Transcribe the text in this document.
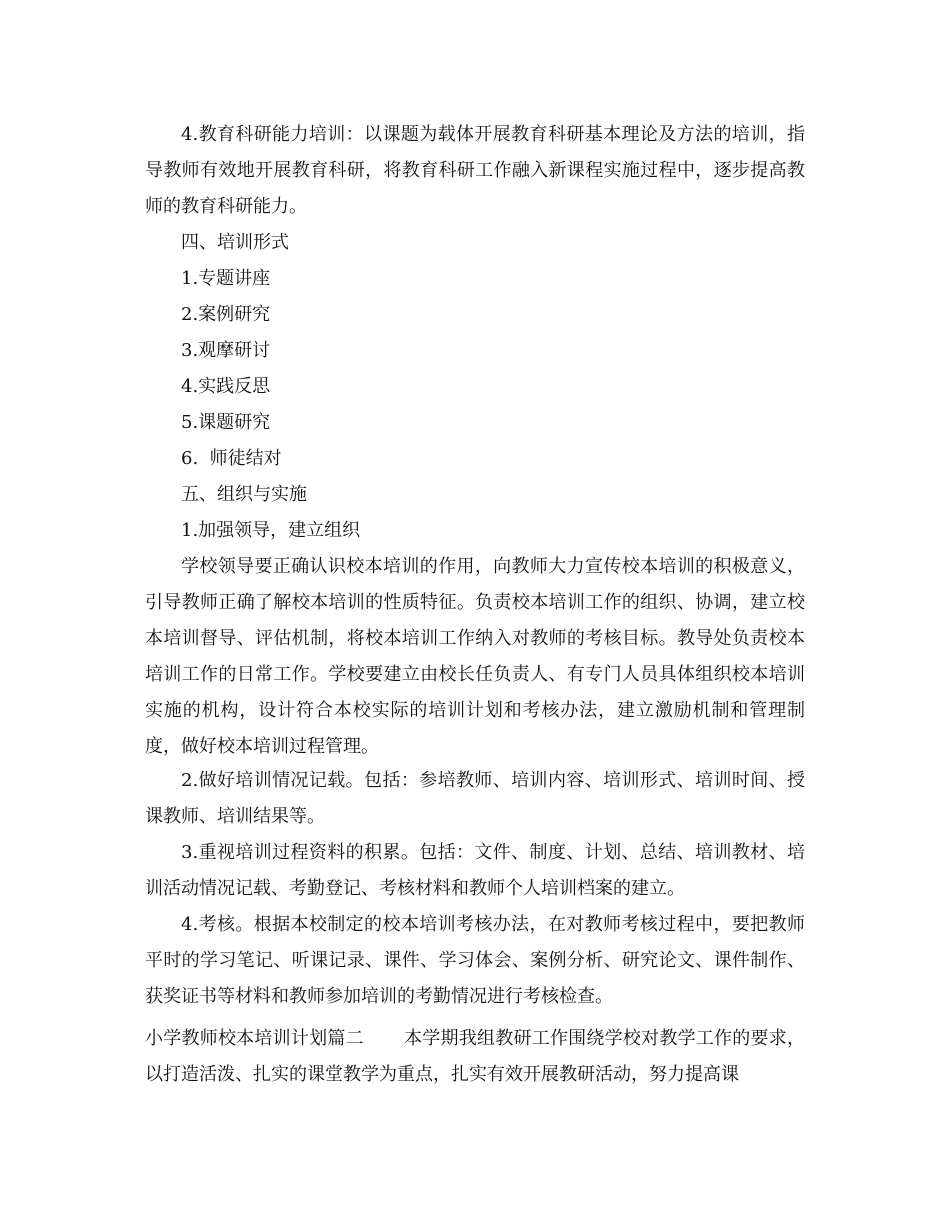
4.教育科研能力培训：以课题为载体开展教育科研基本理论及方法的培训，指导教师有效地开展教育科研，将教育科研工作融入新课程实施过程中，逐步提高教师的教育科研能力。

四、培训形式

1.专题讲座

2.案例研究

3.观摩研讨

4.实践反思

5.课题研究

6.  师徒结对

五、组织与实施

1.加强领导，建立组织

学校领导要正确认识校本培训的作用，向教师大力宣传校本培训的积极意义，引导教师正确了解校本培训的性质特征。负责校本培训工作的组织、协调，建立校本培训督导、评估机制，将校本培训工作纳入对教师的考核目标。教导处负责校本培训工作的日常工作。学校要建立由校长任负责人、有专门人员具体组织校本培训实施的机构，设计符合本校实际的培训计划和考核办法，建立激励机制和管理制度，做好校本培训过程管理。

2.做好培训情况记载。包括：参培教师、培训内容、培训形式、培训时间、授课教师、培训结果等。

3.重视培训过程资料的积累。包括：文件、制度、计划、总结、培训教材、培训活动情况记载、考勤登记、考核材料和教师个人培训档案的建立。

4.考核。根据本校制定的校本培训考核办法，在对教师考核过程中，要把教师平时的学习笔记、听课记录、课件、学习体会、案例分析、研究论文、课件制作、获奖证书等材料和教师参加培训的考勤情况进行考核检查。

小学教师校本培训计划篇二 本学期我组教研工作围绕学校对教学工作的要求，以打造活泼、扎实的课堂教学为重点，扎实有效开展教研活动，努力提高课
